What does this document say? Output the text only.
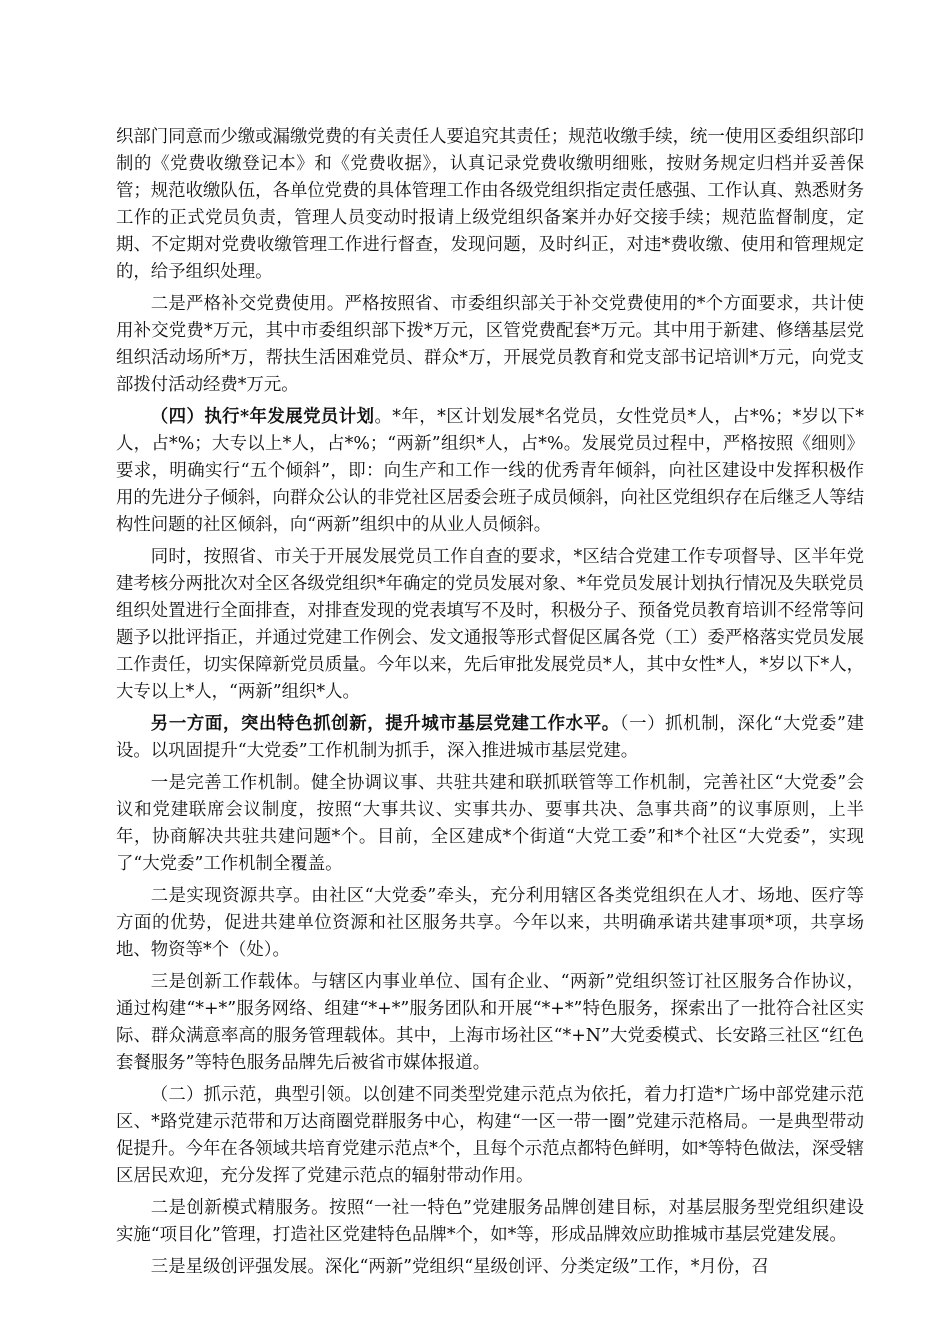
织部门同意而少缴或漏缴党费的有关责任人要追究其责任；规范收缴手续，统一使用区委组织部印制的《党费收缴登记本》和《党费收据》，认真记录党费收缴明细账，按财务规定归档并妥善保管；规范收缴队伍，各单位党费的具体管理工作由各级党组织指定责任感强、工作认真、熟悉财务工作的正式党员负责，管理人员变动时报请上级党组织备案并办好交接手续；规范监督制度，定期、不定期对党费收缴管理工作进行督查，发现问题，及时纠正，对违*费收缴、使用和管理规定的，给予组织处理。

二是严格补交党费使用。严格按照省、市委组织部关于补交党费使用的*个方面要求，共计使用补交党费*万元，其中市委组织部下拨*万元，区管党费配套*万元。其中用于新建、修缮基层党组织活动场所*万，帮扶生活困难党员、群众*万，开展党员教育和党支部书记培训*万元，向党支部拨付活动经费*万元。

（四）执行*年发展党员计划。*年，*区计划发展*名党员，女性党员*人，占*%；*岁以下*人，占*%；大专以上*人，占*%；“两新”组织*人，占*%。发展党员过程中，严格按照《细则》要求，明确实行“五个倾斜”，即：向生产和工作一线的优秀青年倾斜，向社区建设中发挥积极作用的先进分子倾斜，向群众公认的非党社区居委会班子成员倾斜，向社区党组织存在后继乏人等结构性问题的社区倾斜，向“两新”组织中的从业人员倾斜。

同时，按照省、市关于开展发展党员工作自查的要求，*区结合党建工作专项督导、区半年党建考核分两批次对全区各级党组织*年确定的党员发展对象、*年党员发展计划执行情况及失联党员组织处置进行全面排查，对排查发现的党表填写不及时，积极分子、预备党员教育培训不经常等问题予以批评指正，并通过党建工作例会、发文通报等形式督促区属各党（工）委严格落实党员发展工作责任，切实保障新党员质量。今年以来，先后审批发展党员*人，其中女性*人，*岁以下*人，大专以上*人，“两新”组织*人。

另一方面，突出特色抓创新，提升城市基层党建工作水平。（一）抓机制，深化“大党委”建设。以巩固提升“大党委”工作机制为抓手，深入推进城市基层党建。

一是完善工作机制。健全协调议事、共驻共建和联抓联管等工作机制，完善社区“大党委”会议和党建联席会议制度，按照“大事共议、实事共办、要事共决、急事共商”的议事原则，上半年，协商解决共驻共建问题*个。目前，全区建成*个街道“大党工委”和*个社区“大党委”，实现了“大党委”工作机制全覆盖。

二是实现资源共享。由社区“大党委”牵头，充分利用辖区各类党组织在人才、场地、医疗等方面的优势，促进共建单位资源和社区服务共享。今年以来，共明确承诺共建事项*项，共享场地、物资等*个（处）。

三是创新工作载体。与辖区内事业单位、国有企业、“两新”党组织签订社区服务合作协议，通过构建“*+*”服务网络、组建“*+*”服务团队和开展“*+*”特色服务，探索出了一批符合社区实际、群众满意率高的服务管理载体。其中，上海市场社区“*+N”大党委模式、长安路三社区“红色套餐服务”等特色服务品牌先后被省市媒体报道。

（二）抓示范，典型引领。以创建不同类型党建示范点为依托，着力打造*广场中部党建示范区、*路党建示范带和万达商圈党群服务中心，构建“一区一带一圈”党建示范格局。一是典型带动促提升。今年在各领域共培育党建示范点*个，且每个示范点都特色鲜明，如*等特色做法，深受辖区居民欢迎，充分发挥了党建示范点的辐射带动作用。

二是创新模式精服务。按照“一社一特色”党建服务品牌创建目标，对基层服务型党组织建设实施“项目化”管理，打造社区党建特色品牌*个，如*等，形成品牌效应助推城市基层党建发展。

三是星级创评强发展。深化“两新”党组织“星级创评、分类定级”工作，*月份，召
